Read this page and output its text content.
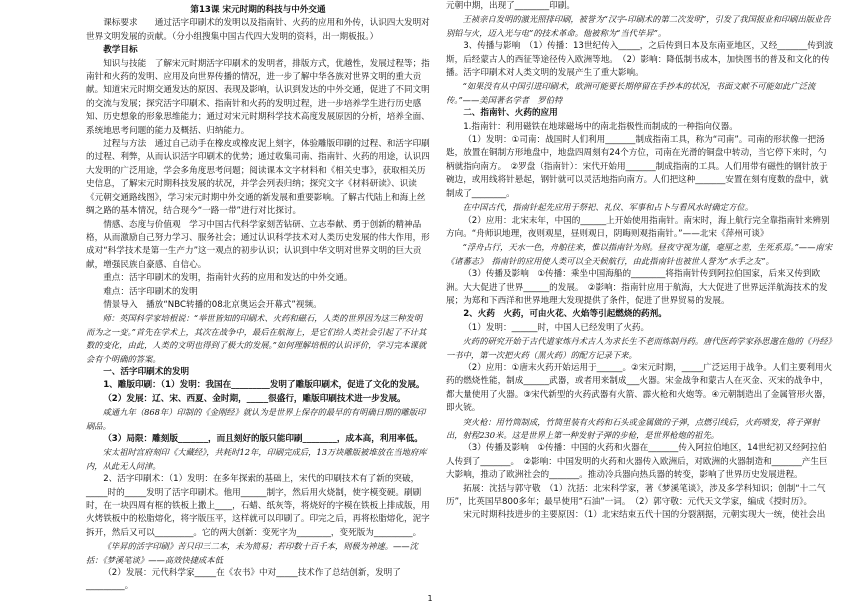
第13课 宋元时期的科技与中外交通

课标要求　　通过活字印刷术的发明以及指南针、火药的应用和外传，认识四大发明对世界文明发展的贡献。（分小组搜集中国古代四大发明的资料，出一期板报。）

教学目标

知识与技能　了解宋元时期活字印刷术的发明者，排版方式，优越性，发展过程等；指南针和火药的发明、应用及向世界传播的情况，进一步了解中华各族对世界文明的重大贡献。知道宋元时期交通发达的原因、表现及影响，认识到发达的中外交通，促进了不同文明的交流与发展；探究活字印刷术、指南针和火药的发明过程，进一步培养学生进行历史感知、历史想象的形象思维能力；通过对宋元时期科学技术高度发展原因的分析，培养全面、系统地思考问题的能力及概括、归纳能力。

过程与方法　通过自己动手在橡皮或橡皮泥上刻字，体验雕版印刷的过程、和活字印刷的过程、利弊，从而认识活字印刷术的优势；通过收集司南、指南针、火药的用途，认识四大发明的广泛用途，学会多角度思考问题；阅读课本文字材料和《相关史事》，获取相关历史信息，了解宋元时期科技发展的状况，并学会列表归纳；探究文字《材料研读》、识读《元朝交通路线图》，学习宋元时期中外交通的新发展和重要影响。了解古代陆上和海上丝绸之路的基本情况，结合现今“一路一带”进行对比探讨。

情感、态度与价值观　学习中国古代科学家刻苦钻研、立志奉献、勇于创新的精神品格，从而激励自己努力学习、服务社会；通过认识科学技术对人类历史发展的伟大作用，形成对“科学技术是第一生产力”这一观点的初步认识；认识到中华文明对世界文明的巨大贡献，增强民族自豪感、自信心。

重点：活字印刷术的发明，指南针火药的应用和发达的中外交通。

难点：活字印刷术的发明

情景导入　播放“NBC转播的08北京奥运会开幕式”视频。

师：英国科学家培根说：“举世皆知的印刷术、火药和磁石，人类的世界因为这三种发明而为之一变。”首先在学术上，其次在战争中，最后在航海上，是它们给人类社会引起了不计其数的变化，由此，人类的文明也得到了极大的发展。”如何理解培根的认识评价，学习完本课就会有个明确的答案。

一、活字印刷术的发明

1、雕版印刷：（1）发明：我国在_________发明了雕版印刷术，促进了文化的发展。

（2）发展：辽、宋、西夏、金时期，_____很盛行，雕版印刷技术进一步发展。

咸通九年（868年）印制的《金刚经》就认为是世界上保存的最早的有明确日期的雕版印刷品。

（3）局限：雕刻版_______，而且刻好的版只能印刷________，成本高，利用率低。

宋太祖时宫府刻印《大藏经》，共耗时12年，印刷完成后，13万块雕版被堆放在当地府库内，从此无人问津。

2、活字印刷术：（1）发明：在多年探索的基础上，宋代的印刷技术有了新的突破，_____时的_____发明了活字印刷术。他用______制字，然后用火烧制，使字模变硬。刷刷时，在一块四周有框的铁板上撒上____，石蜡、纸灰等，将烧好的字模在铁板上排成版，用火烤铁板中的松脂熔化，将字版压平，这样就可以印刷了。印完之后，再将松脂熔化，泥字拆开，然后又可以_________。它的两大创新：变死字为________，变死版为_________。

《毕昇的活字印刷》苦只印三二本，未为简易；若印数十百千本，则极为神速。——沈括：《梦溪笔谈》——高效快捷成本低

（2）发展：元代科学家_____在《农书》中对_____技术作了总结创新，发明了_________。

元朝中期，出现了________印刷。

王祯亲自发明的激光照排印刷，被誉为“汉字-印刷术的第二次发明”，引发了我国报业和印刷出版业告别铅与火，迈入光与电”的技术革命。他被称为“当代毕昇”。

3、传播与影响　（1）传播：13世纪传入_____，之后传到日本及东南亚地区，又经_______传到波斯，后经蒙古人的西征等途径传入欧洲等地。　（2）影响：降低制书成本，加快图书的普及和文化的传播。活字印刷术对人类文明的发展产生了重大影响。

“如果没有从中国引进印刷术，欧洲可能要长期停留在手抄本的状况，书面文献不可能如此广泛流传。”——美国著名学者　罗伯特

二、指南针、火药的应用

1.指南针：利用磁铁在地球磁场中的南北指极性而制成的一种指向仪器。

（1）发明：①司南：战国时人们利用_______制成指南工具，称为“司南”。司南的形状像一把汤匙，放置在铜制方形地盘中，地盘四周刻有24个方位，司南在光滑的铜盘中转动，当它停下来时，勺柄就指向南方。　②罗盘（指南针）：宋代开始用_______制成指南的工具。人们用带有磁性的钢针放于碗边，或用线将针悬起，钢针就可以灵活地指向南方。人们把这种_______安置在刻有度数的盘中，就制成了________。

在中国古代，指南针起先应用于祭祀、礼仪、军事和占卜与看风水时确定方位。

（2）应用：北宋末年，中国的______上开始使用指南针。南宋时，海上航行完全靠指南针来辨别方向。“舟师识地理，夜则观星，昼则观日，阴晦则观指南针。”——北宋《萍州可谈》

“浮舟占行，天水一色，舟舶往来，惟以指南针为则。昼夜守视为谨，毫厘之差，生死系焉。”——南宋《诸蕃志》　指南针的应用使人类可以全天候航行，由此指南针也被世人誉为“水手之友”。

（3）传播及影响　①传播：乘坐中国海船的________将指南针传到阿拉伯国家，后来又传到欧洲。大大促进了世界______的发展。　②影响：指南针应用于航海，大大促进了世界远洋航海技术的发展；为郑和下西洋和世界地理大发现提供了条件，促进了世界贸易的发展。

2、火药　火药，可由火花、火焰等引起燃烧的药剂。

（1）发明：______时，中国人已经发明了火药。

火药的研究开始于古代道家炼丹术古人为求长生不老而炼制丹药。唐代医药学家孙思邈在他的《丹经》一书中，第一次把火药（黑火药）的配方记录下来。

（2）应用：①唐末火药开始运用于______。②宋元时期，_____广泛运用于战争。人们主要利用火药的燃烧性能，制成______武器，或者用来制成___火器。宋金战争和蒙古人在灭金、灭宋的战争中，都大量使用了火器。③宋代新型的火药武器有火箭、霹火枪和火炮等。④元朝制造出了金属管形火器，即火铳。

突火枪：用竹筒制成，竹筒里装有火药和石头或金属做的子弹，点燃引线后，火药喷发，将子弹射出，射程230米。这是世界上第一种发射子弹的步枪，是世界枪炮的祖先。

（3）传播及影响　①传播：中国的火药和火器在_______传入阿拉伯地区，14世纪初又经阿拉伯人传到了_______。　②影响：中国发明的火药和火器传入欧洲后，对欧洲的火器制造和_______产生巨大影响，推动了欧洲社会的_______。推动冷兵器向热兵器的转变，影响了世界历史发展进程。

拓展：沈括与郭守敬　（1）沈括：北宋科学家，著《梦溪笔谈》，涉及多学科知识；创制“十二气历”，比英国早800多年；最早使用“石油”一词。　（2）郭守敬：元代天文学家，编成《授时历》。

宋元时期科技进步的主要原因：（1）北宋结束五代十国的分裂割据，元朝实现大一统，使社会出

1
